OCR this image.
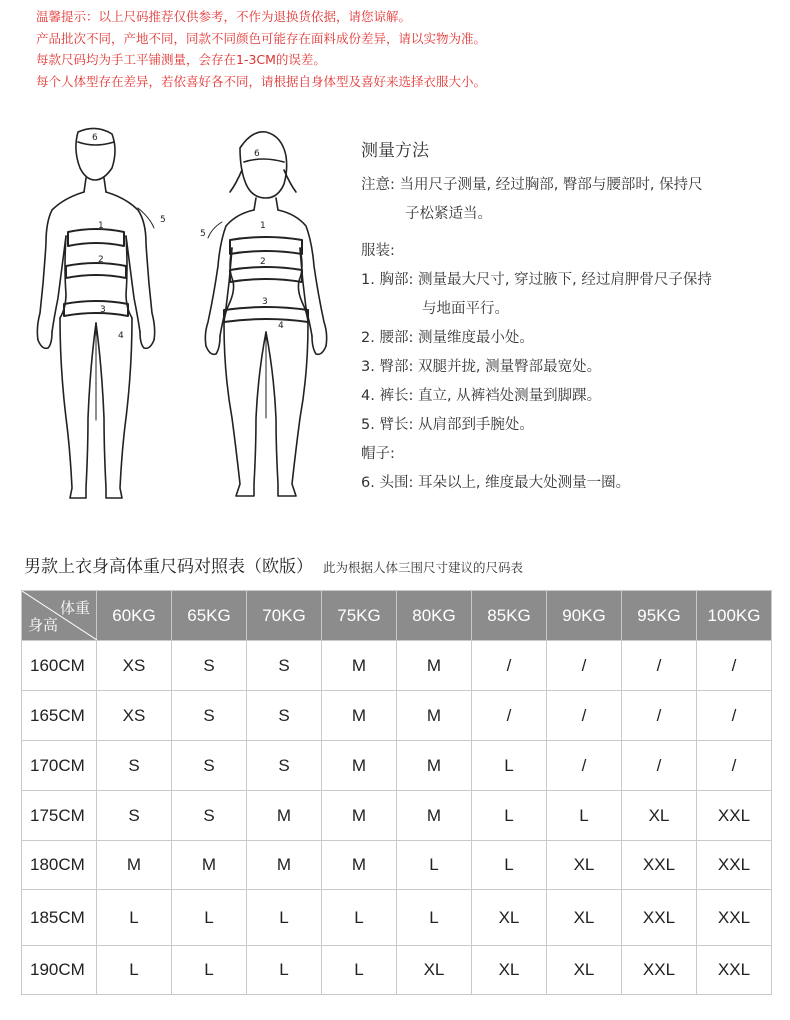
温馨提示：以上尺码推荐仅供参考，不作为退换货依据，请您谅解。
产品批次不同，产地不同，同款不同颜色可能存在面料成份差异，请以实物为准。
每款尺码均为手工平铺测量，会存在1-3CM的误差。
每个人体型存在差异，若依喜好各不同，请根据自身体型及喜好来选择衣服大小。
6
1
2
3
4
5
6
1
2
3
4
5
测量方法
注意: 当用尺子测量, 经过胸部, 臀部与腰部时, 保持尺
子松紧适当。
服装:
1. 胸部: 测量最大尺寸, 穿过腋下, 经过肩胛骨尺子保持
与地面平行。
2. 腰部: 测量维度最小处。
3. 臀部: 双腿并拢, 测量臀部最宽处。
4. 裤长: 直立, 从裤裆处测量到脚踝。
5. 臂长: 从肩部到手腕处。
帽子:
6. 头围: 耳朵以上, 维度最大处测量一圈。
男款上衣身高体重尺码对照表（欧版） 此为根据人体三围尺寸建议的尺码表
体重
身高	60KG	65KG	70KG	75KG	80KG	85KG	90KG	95KG	100KG
160CM	XS	S	S	M	M	/	/	/	/
165CM	XS	S	S	M	M	/	/	/	/
170CM	S	S	S	M	M	L	/	/	/
175CM	S	S	M	M	M	L	L	XL	XXL
180CM	M	M	M	M	L	L	XL	XXL	XXL
185CM	L	L	L	L	L	XL	XL	XXL	XXL
190CM	L	L	L	L	XL	XL	XL	XXL	XXL
